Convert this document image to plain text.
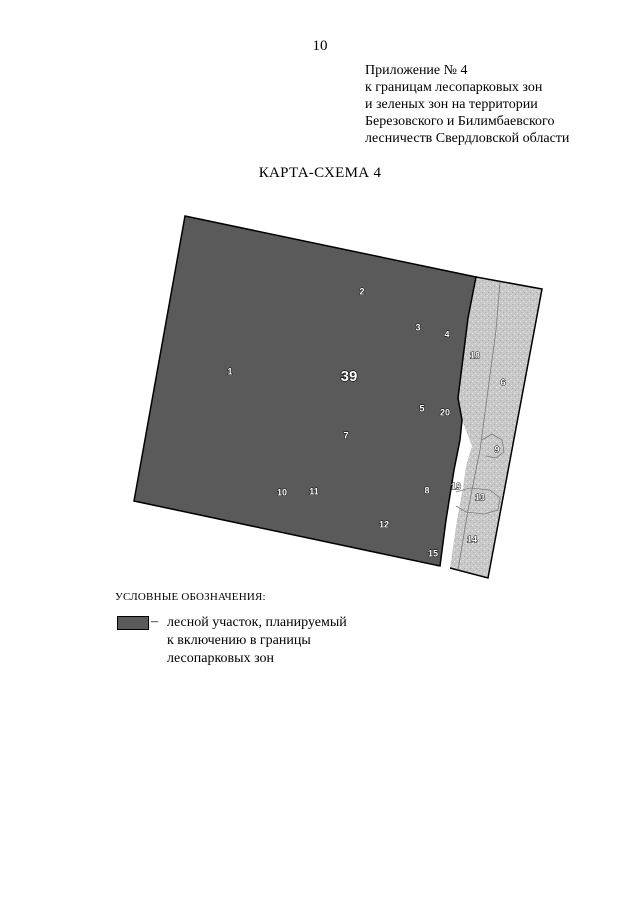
10
Приложение № 4
к границам лесопарковых зон
и зеленых зон на территории
Березовского и Билимбаевского
лесничеств Свердловской области
КАРТА-СХЕМА 4
39
1
2
3
4
5
6
7
8
9
10 11
12
13
14
15
18
19
20
УСЛОВНЫЕ ОБОЗНАЧЕНИЯ:
– лесной участок, планируемый
к включению в границы
лесопарковых зон
